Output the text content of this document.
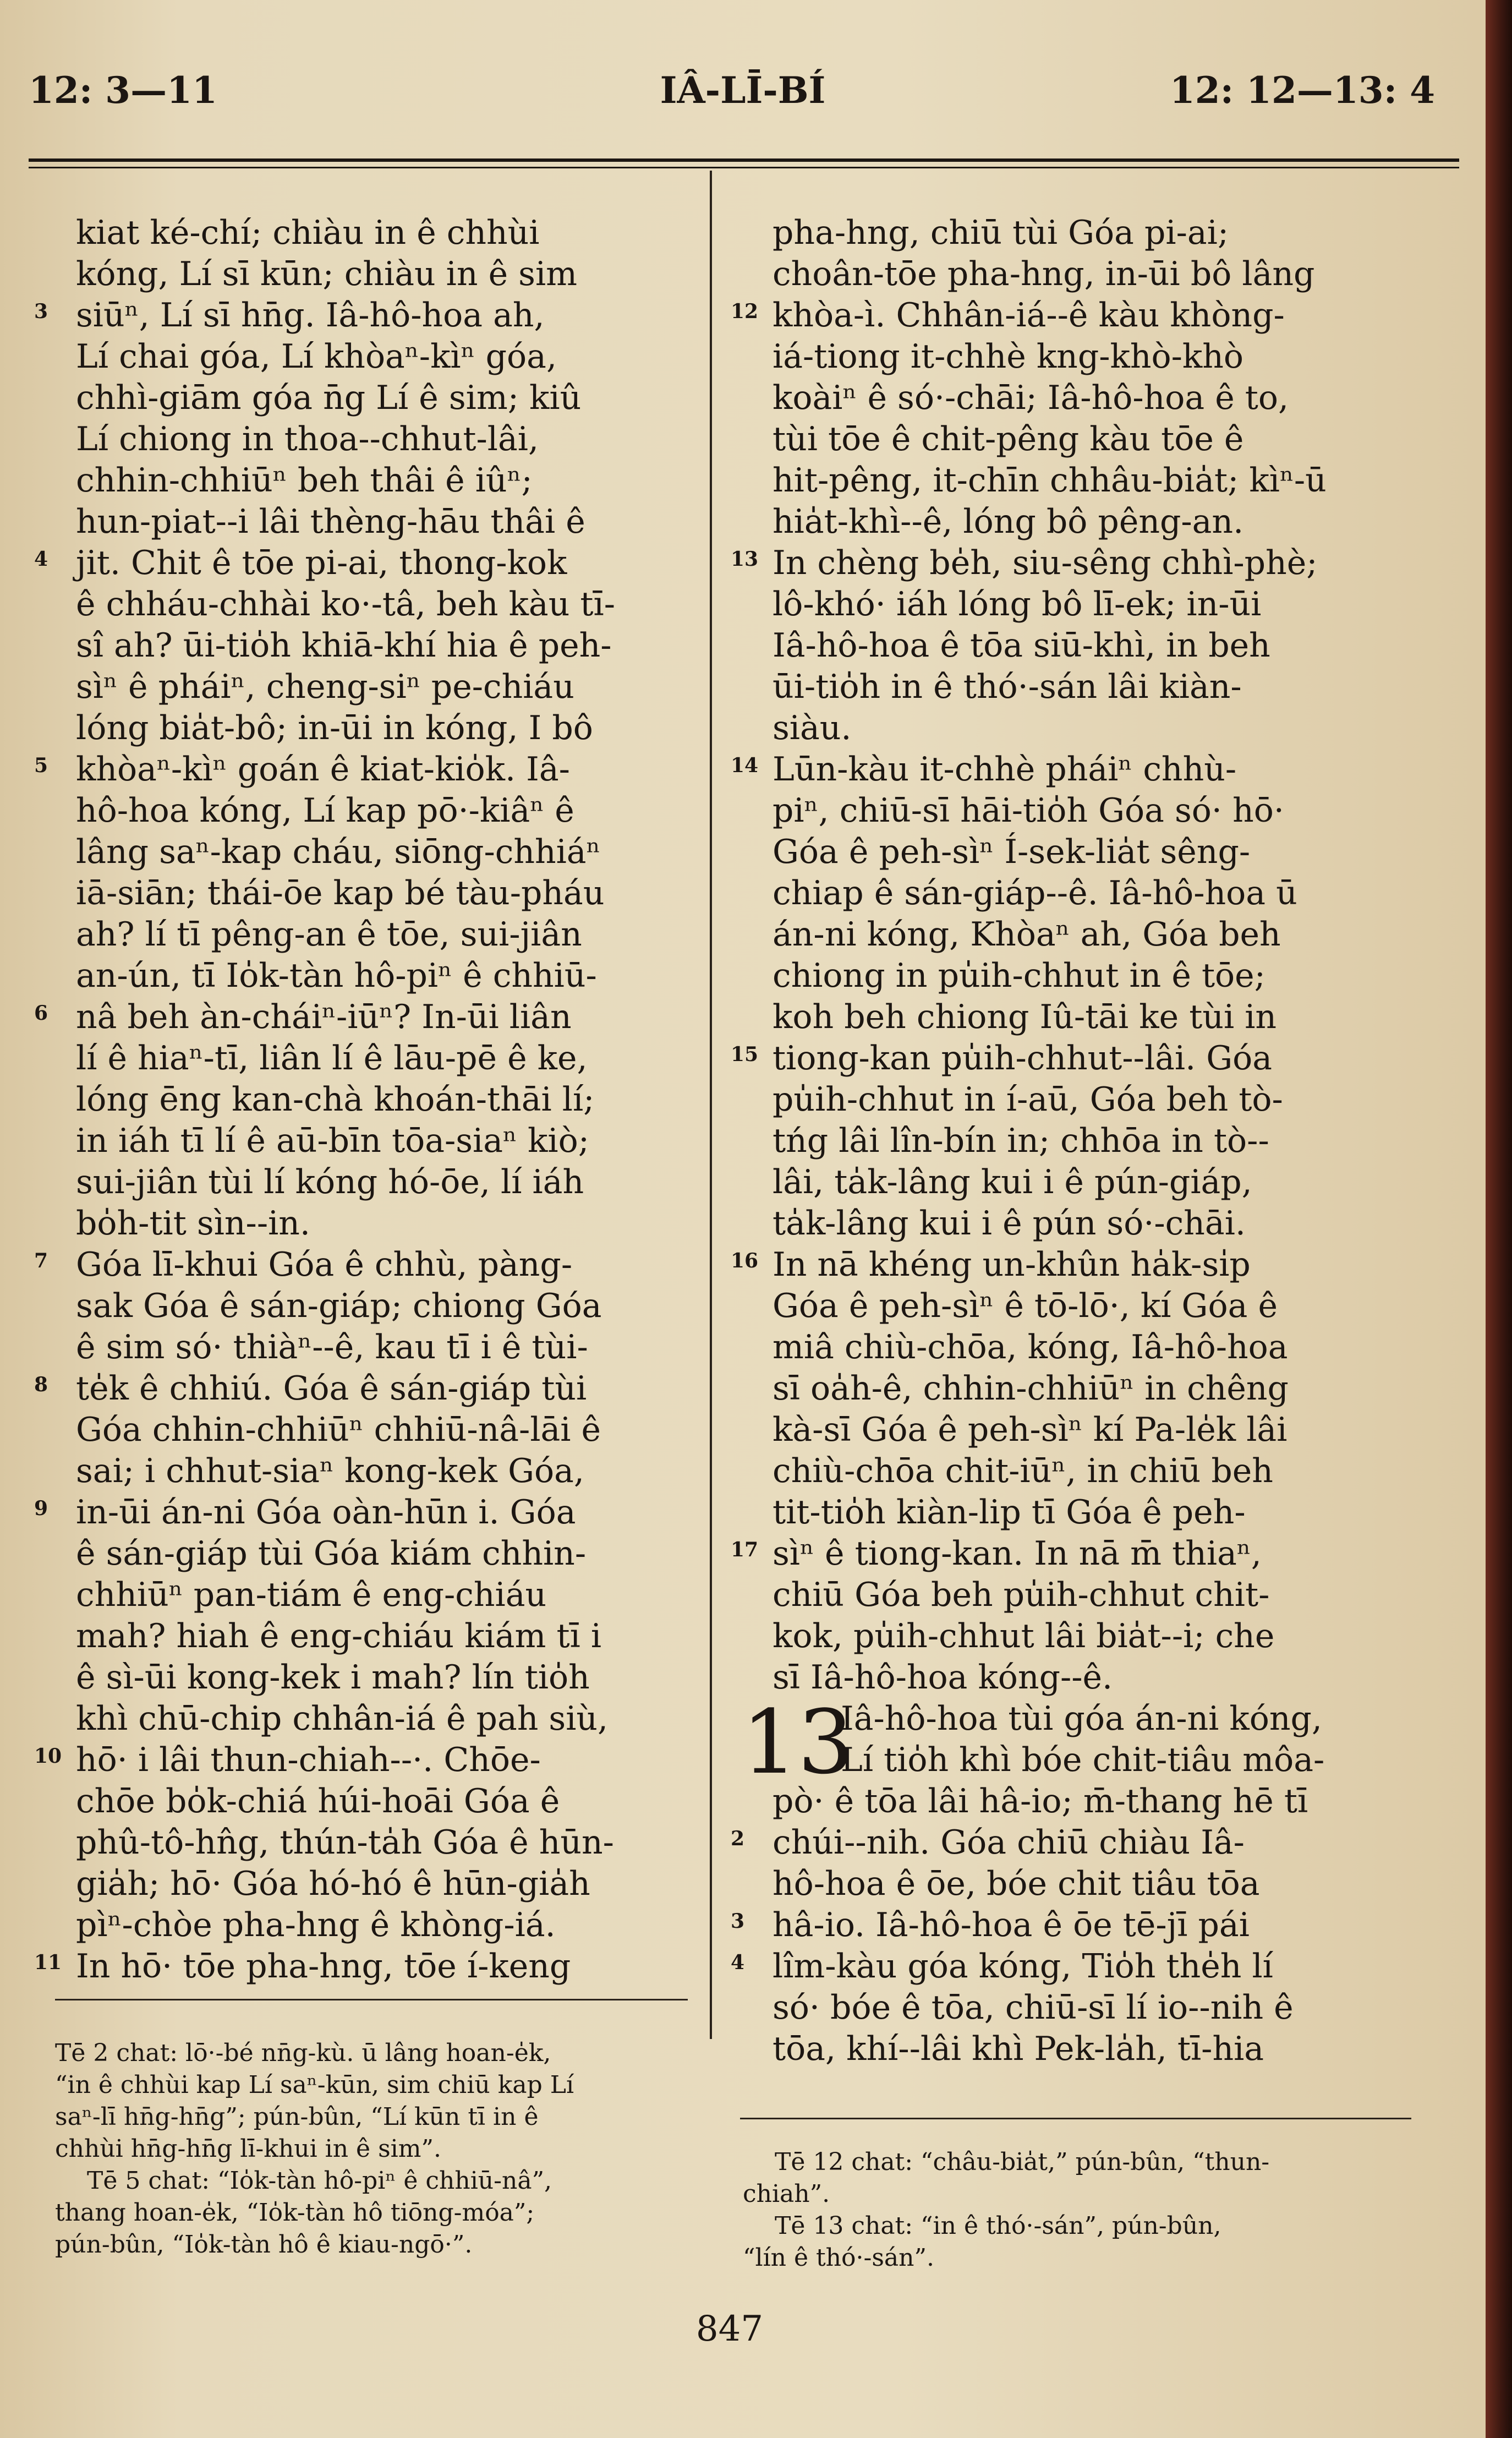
12: 3—11	IÂ-LĪ-BÍ	12: 12—13: 4
kiat ké-chí; chiàu in ê chhùi
kóng, Lí sī kūn; chiàu in ê sim
3 siūⁿ, Lí sī hn̄g. Iâ-hô-hoa ah,
Lí chai góa, Lí khòaⁿ-kìⁿ góa,
chhì-giām góa n̄g Lí ê sim; kiû
Lí chiong in thoa--chhut-lâi,
chhin-chhiūⁿ beh thâi ê iûⁿ;
hun-piat--i lâi thèng-hāu thâi ê
4 jit. Chit ê tōe pi-ai, thong-kok
ê chháu-chhài ko·-tâ, beh kàu tī-
sî ah? ūi-tio̍h khiā-khí hia ê peh-
sìⁿ ê pháiⁿ, cheng-siⁿ pe-chiáu
lóng bia̍t-bô; in-ūi in kóng, I bô
5 khòaⁿ-kìⁿ goán ê kiat-kio̍k. Iâ-
hô-hoa kóng, Lí kap pō·-kiâⁿ ê
lâng saⁿ-kap cháu, siōng-chhiáⁿ
iā-siān; thái-ōe kap bé tàu-pháu
ah? lí tī pêng-an ê tōe, sui-jiân
an-ún, tī Io̍k-tàn hô-piⁿ ê chhiū-
6 nâ beh àn-cháiⁿ-iūⁿ? In-ūi liân
lí ê hiaⁿ-tī, liân lí ê lāu-pē ê ke,
lóng ēng kan-chà khoán-thāi lí;
in iáh tī lí ê aū-bīn tōa-siaⁿ kiò;
sui-jiân tùi lí kóng hó-ōe, lí iáh
bo̍h-tit sìn--in.
7 Góa lī-khui Góa ê chhù, pàng-
sak Góa ê sán-giáp; chiong Góa
ê sim só· thiàⁿ--ê, kau tī i ê tùi-
8 te̍k ê chhiú. Góa ê sán-giáp tùi
Góa chhin-chhiūⁿ chhiū-nâ-lāi ê
sai; i chhut-siaⁿ kong-kek Góa,
9 in-ūi án-ni Góa oàn-hūn i. Góa
ê sán-giáp tùi Góa kiám chhin-
chhiūⁿ pan-tiám ê eng-chiáu
mah? hiah ê eng-chiáu kiám tī i
ê sì-ūi kong-kek i mah? lín tio̍h
khì chū-chip chhân-iá ê pah siù,
10 hō· i lâi thun-chiah--·. Chōe-
chōe bo̍k-chiá húi-hoāi Góa ê
phû-tô-hn̂g, thún-ta̍h Góa ê hūn-
gia̍h; hō· Góa hó-hó ê hūn-gia̍h
pìⁿ-chòe pha-hng ê khòng-iá.
11 In hō· tōe pha-hng, tōe í-keng
Tē 2 chat: lō·-bé nn̄g-kù. ū lâng hoan-e̍k,
“in ê chhùi kap Lí saⁿ-kūn, sim chiū kap Lí
saⁿ-lī hn̄g-hn̄g”; pún-bûn, “Lí kūn tī in ê
chhùi hn̄g-hn̄g lī-khui in ê sim”.
Tē 5 chat: “Io̍k-tàn hô-piⁿ ê chhiū-nâ”,
thang hoan-e̍k, “Io̍k-tàn hô tiōng-móa”;
pún-bûn, “Io̍k-tàn hô ê kiau-ngō·”.
pha-hng, chiū tùi Góa pi-ai;
choân-tōe pha-hng, in-ūi bô lâng
12 khòa-ì. Chhân-iá--ê kàu khòng-
iá-tiong it-chhè kng-khò-khò
koàiⁿ ê só·-chāi; Iâ-hô-hoa ê to,
tùi tōe ê chit-pêng kàu tōe ê
hit-pêng, it-chīn chhâu-bia̍t; kìⁿ-ū
hia̍t-khì--ê, lóng bô pêng-an.
13 In chèng be̍h, siu-sêng chhì-phè;
lô-khó· iáh lóng bô lī-ek; in-ūi
Iâ-hô-hoa ê tōa siū-khì, in beh
ūi-tio̍h in ê thó·-sán lâi kiàn-
siàu.
14 Lūn-kàu it-chhè pháiⁿ chhù-
piⁿ, chiū-sī hāi-tio̍h Góa só· hō·
Góa ê peh-sìⁿ Í-sek-lia̍t sêng-
chiap ê sán-giáp--ê. Iâ-hô-hoa ū
án-ni kóng, Khòaⁿ ah, Góa beh
chiong in pu̍ih-chhut in ê tōe;
koh beh chiong Iû-tāi ke tùi in
15 tiong-kan pu̍ih-chhut--lâi. Góa
pu̍ih-chhut in í-aū, Góa beh tò-
tńg lâi lîn-bín in; chhōa in tò--
lâi, ta̍k-lâng kui i ê pún-giáp,
ta̍k-lâng kui i ê pún só·-chāi.
16 In nā khéng un-khûn ha̍k-si̍p
Góa ê peh-sìⁿ ê tō-lō·, kí Góa ê
miâ chiù-chōa, kóng, Iâ-hô-hoa
sī oa̍h-ê, chhin-chhiūⁿ in chêng
kà-sī Góa ê peh-sìⁿ kí Pa-le̍k lâi
chiù-chōa chit-iūⁿ, in chiū beh
tit-tio̍h kiàn-lip tī Góa ê peh-
17 sìⁿ ê tiong-kan. In nā m̄ thiaⁿ,
chiū Góa beh pu̍ih-chhut chit-
kok, pu̍ih-chhut lâi bia̍t--i; che
sī Iâ-hô-hoa kóng--ê.
13
Iâ-hô-hoa tùi góa án-ni kóng,
Lí tio̍h khì bóe chit-tiâu môa-
pò· ê tōa lâi hâ-io; m̄-thang hē tī
2 chúi--nih. Góa chiū chiàu Iâ-
hô-hoa ê ōe, bóe chit tiâu tōa
3 hâ-io. Iâ-hô-hoa ê ōe tē-jī pái
4 lîm-kàu góa kóng, Tio̍h the̍h lí
só· bóe ê tōa, chiū-sī lí io--nih ê
tōa, khí--lâi khì Pek-la̍h, tī-hia
Tē 12 chat: “châu-bia̍t,” pún-bûn, “thun-
chiah”.
Tē 13 chat: “in ê thó·-sán”, pún-bûn,
“lín ê thó·-sán”.
847
